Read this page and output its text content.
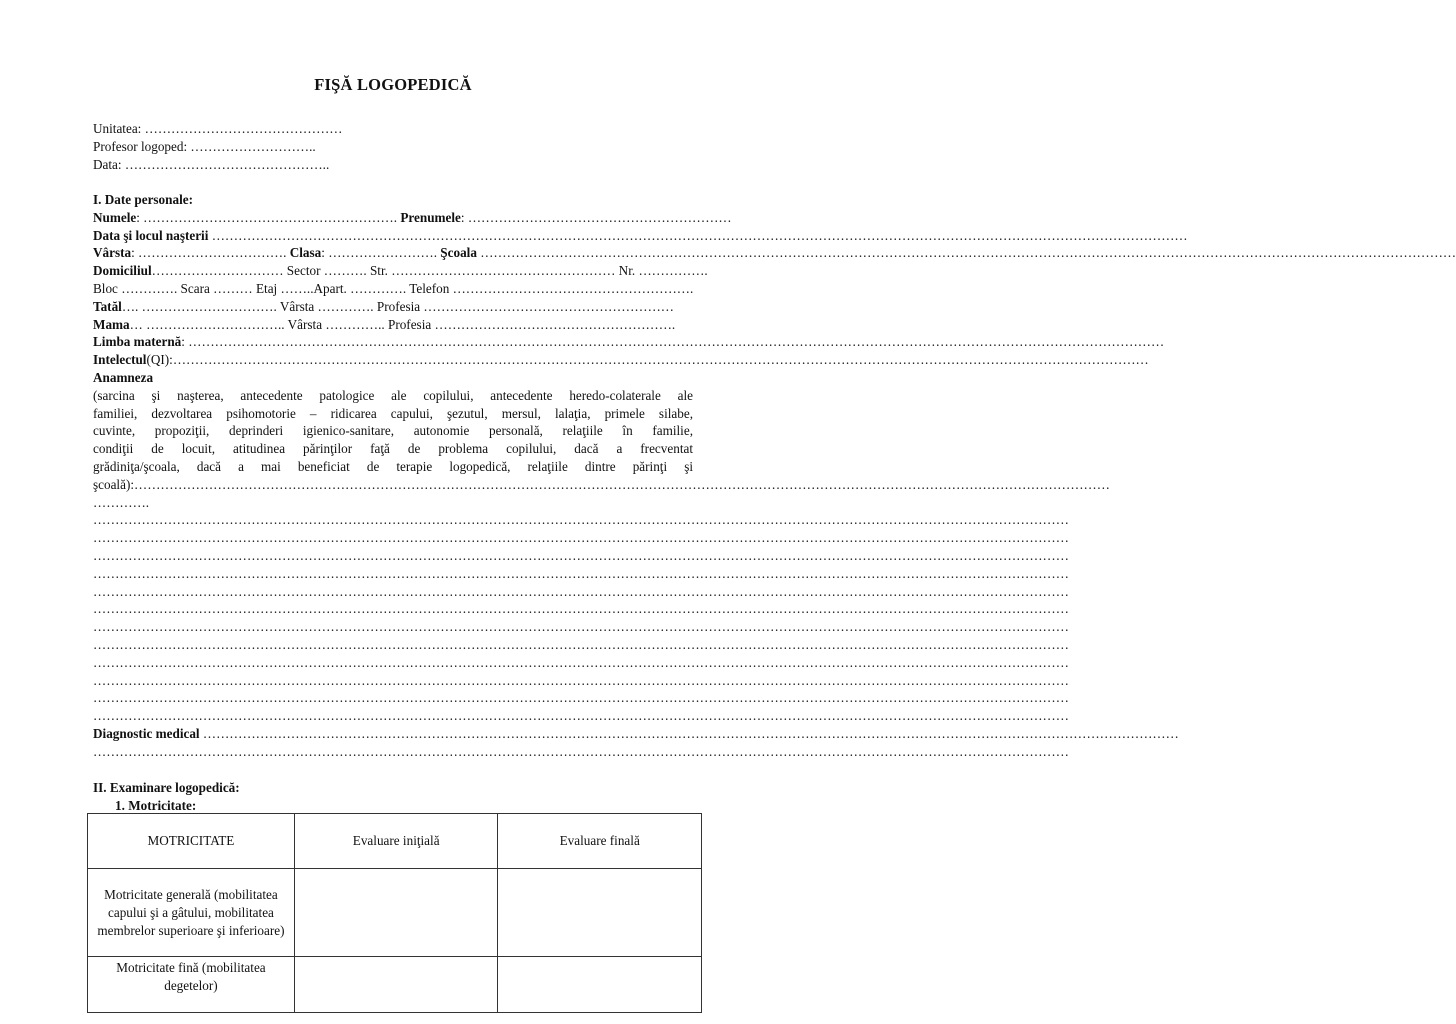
FIŞĂ LOGOPEDICĂ
Unitatea: ………………………………………
Profesor logoped: ………………………..
Data: ………………………………………..
I. Date personale:
Numele : ………………………………………………….
Prenumele : ……………………………………………………
Data şi locul naşterii
……………………………………………………………………………………………………………………………………………………………………………………………………
Vârsta : …………………………….
Clasa : …………………….
Şcoala
……………………………………………………………………………………………………………………………………………………………………………………………………
Domiciliul ………………………… Sector ………. Str. …………………………………………… Nr. …………….
Bloc …………. Scara ……… Etaj ……..Apart. …………. Telefon ……………………………………………….
Tatăl …. …………………………. Vârsta …………. Profesia …………………………………………………
Mama … ………………………….. Vârsta ………….. Profesia ……………………………………………….
Limba maternă : ……………………………………………………………………………………………………………………………………………………………………………………………………
Intelectul (QI): ……………………………………………………………………………………………………………………………………………………………………………………………………
Anamneza
(sarcina şi naşterea, antecedente patologice ale copilului, antecedente heredo-colaterale ale
familiei, dezvoltarea psihomotorie – ridicarea capului, şezutul, mersul, lalaţia, primele silabe,
cuvinte, propoziţii, deprinderi igienico-sanitare, autonomie personală, relaţiile în familie,
condiţii de locuit, atitudinea părinţilor faţă de problema copilului, dacă a frecventat
grădiniţa/şcoala, dacă a mai beneficiat de terapie logopedică, relaţiile dintre părinţi şi
şcoală): ……………………………………………………………………………………………………………………………………………………………………………………………………
………….
……………………………………………………………………………………………………………………………………………………………………………………………………
……………………………………………………………………………………………………………………………………………………………………………………………………
……………………………………………………………………………………………………………………………………………………………………………………………………
……………………………………………………………………………………………………………………………………………………………………………………………………
……………………………………………………………………………………………………………………………………………………………………………………………………
……………………………………………………………………………………………………………………………………………………………………………………………………
……………………………………………………………………………………………………………………………………………………………………………………………………
……………………………………………………………………………………………………………………………………………………………………………………………………
……………………………………………………………………………………………………………………………………………………………………………………………………
……………………………………………………………………………………………………………………………………………………………………………………………………
……………………………………………………………………………………………………………………………………………………………………………………………………
……………………………………………………………………………………………………………………………………………………………………………………………………
Diagnostic medical
……………………………………………………………………………………………………………………………………………………………………………………………………
……………………………………………………………………………………………………………………………………………………………………………………………………
II. Examinare logopedică:
1. Motricitate:
MOTRICITATE	Evaluare iniţială	Evaluare finală
Motricitate generală (mobilitatea capului şi a gâtului, mobilitatea membrelor superioare şi inferioare)		
Motricitate fină (mobilitatea degetelor)		
